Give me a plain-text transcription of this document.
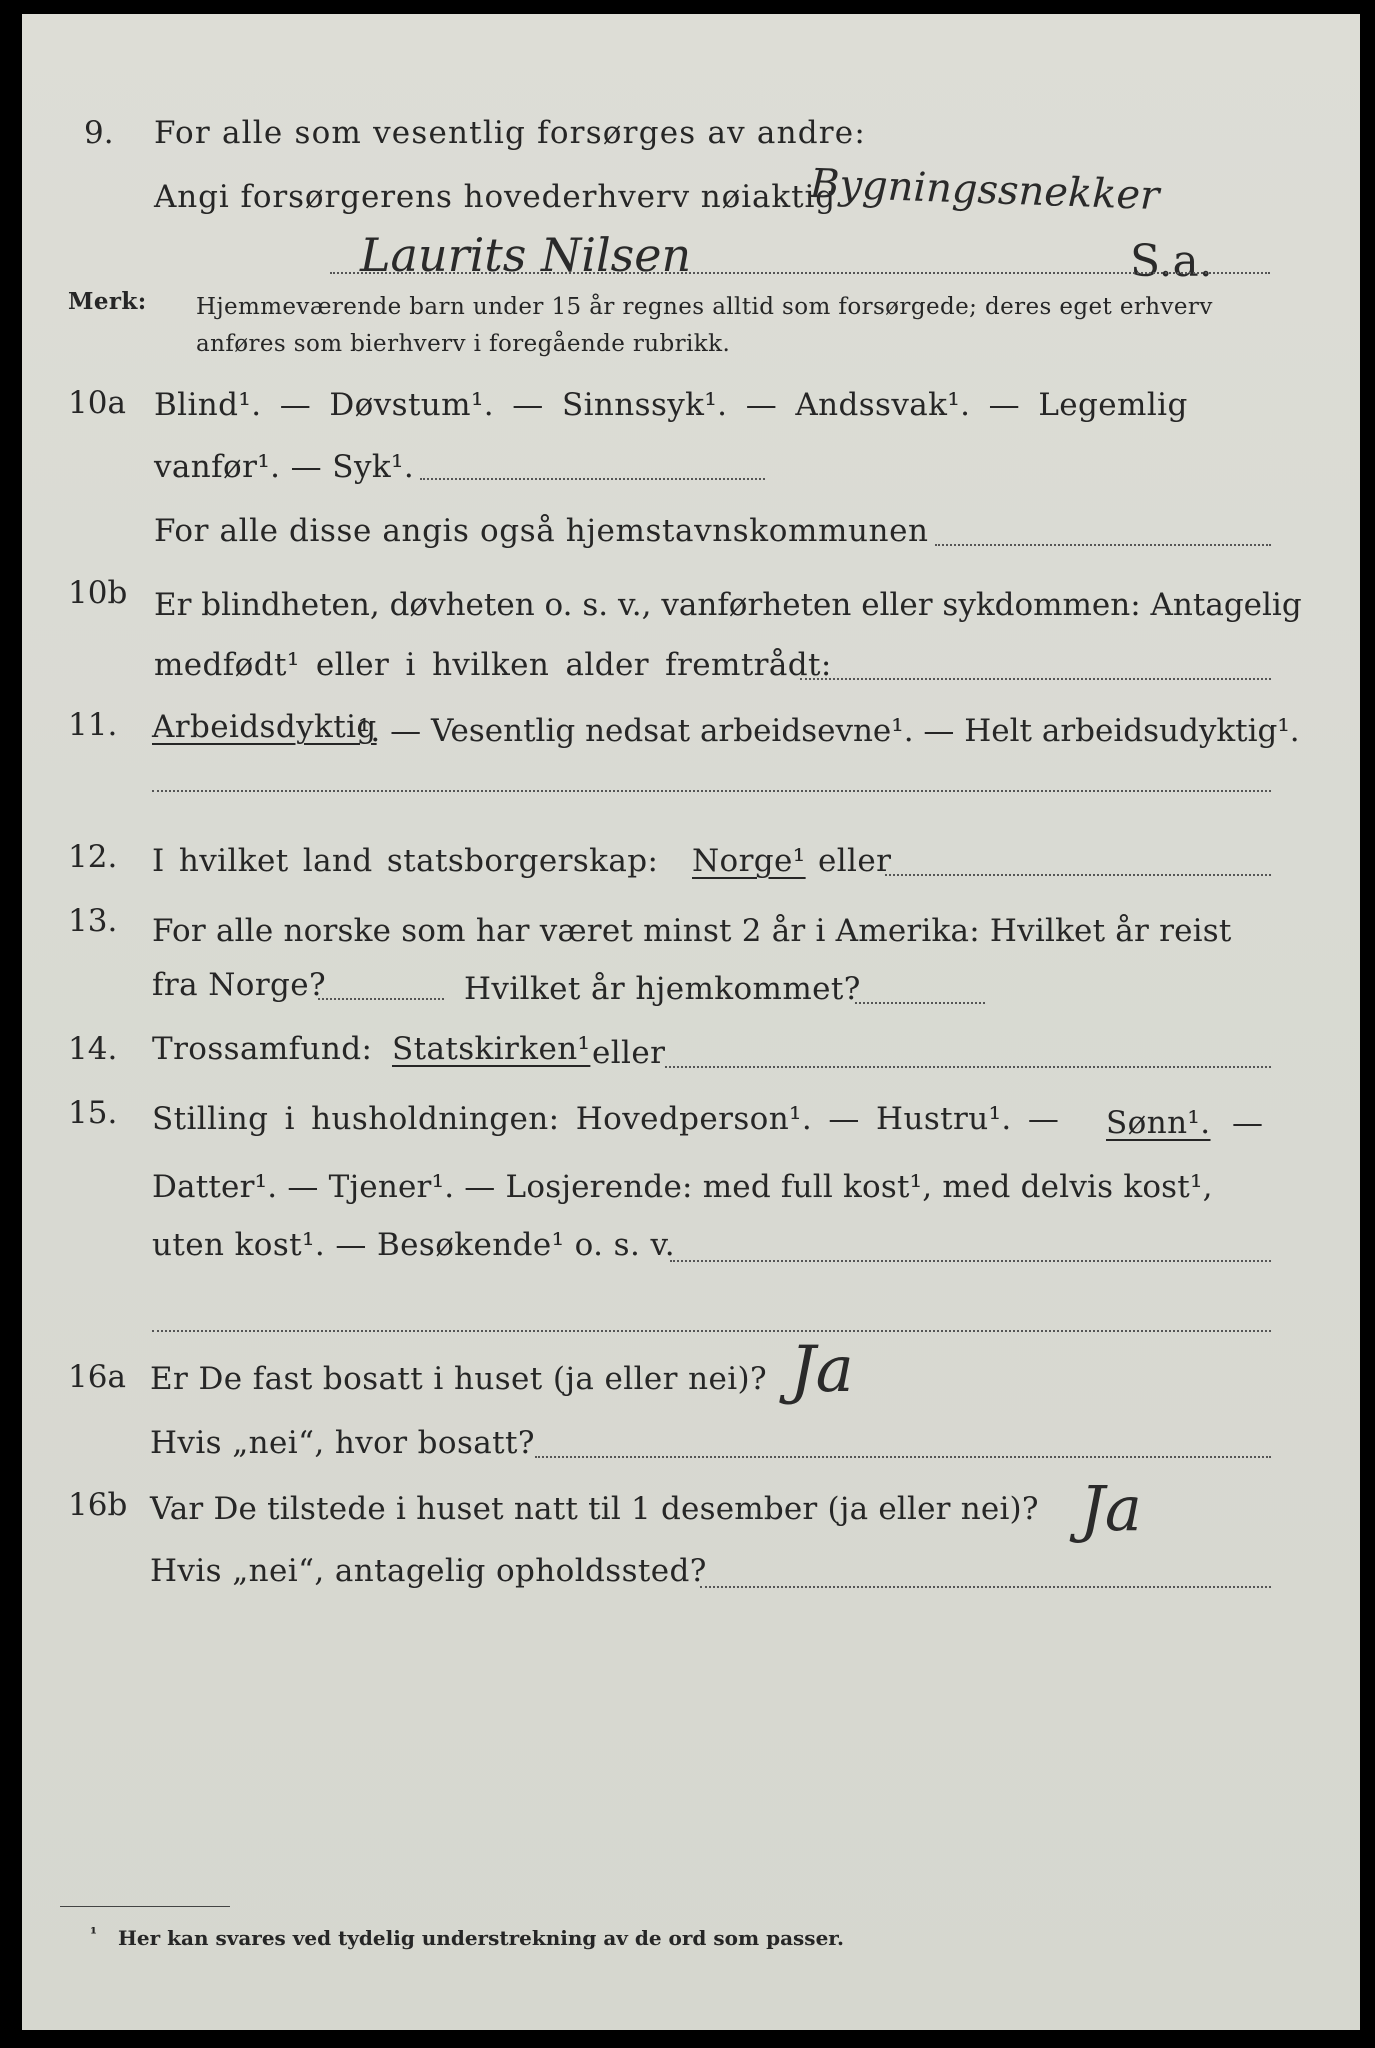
9. For alle som vesentlig forsørges av andre:
Angi forsørgerens hovederhverv nøiaktig
Bygningssnekker
Laurits Nilsen	S.a.
Merk: Hjemmeværende barn under 15 år regnes alltid som forsørgede; deres eget erhverv
anføres som bierhverv i foregående rubrikk.
10a Blind¹. — Døvstum¹. — Sinnssyk¹. — Andssvak¹. — Legemlig
vanfør¹. — Syk¹.
For alle disse angis også hjemstavnskommunen
10b Er blindheten, døvheten o. s. v., vanførheten eller sykdommen: Antagelig
medfødt¹ eller i hvilken alder fremtrådt:
11. Arbeidsdyktig
¹. — Vesentlig nedsat arbeidsevne¹. — Helt arbeidsudyktig¹.
12. I hvilket land statsborgerskap: Norge¹ eller
13. For alle norske som har været minst 2 år i Amerika: Hvilket år reist
fra Norge?	Hvilket år hjemkommet?
14. Trossamfund: Statskirken¹ eller
15. Stilling i husholdningen: Hovedperson¹. — Hustru¹. — Sønn¹. —
Datter¹. — Tjener¹. — Losjerende: med full kost¹, med delvis kost¹,
uten kost¹. — Besøkende¹ o. s. v.
16a Er De fast bosatt i huset (ja eller nei)? Ja
Hvis „nei“, hvor bosatt?
16b Var De tilstede i huset natt til 1 desember (ja eller nei)? Ja
Hvis „nei“, antagelig opholdssted?
¹ Her kan svares ved tydelig understrekning av de ord som passer.
